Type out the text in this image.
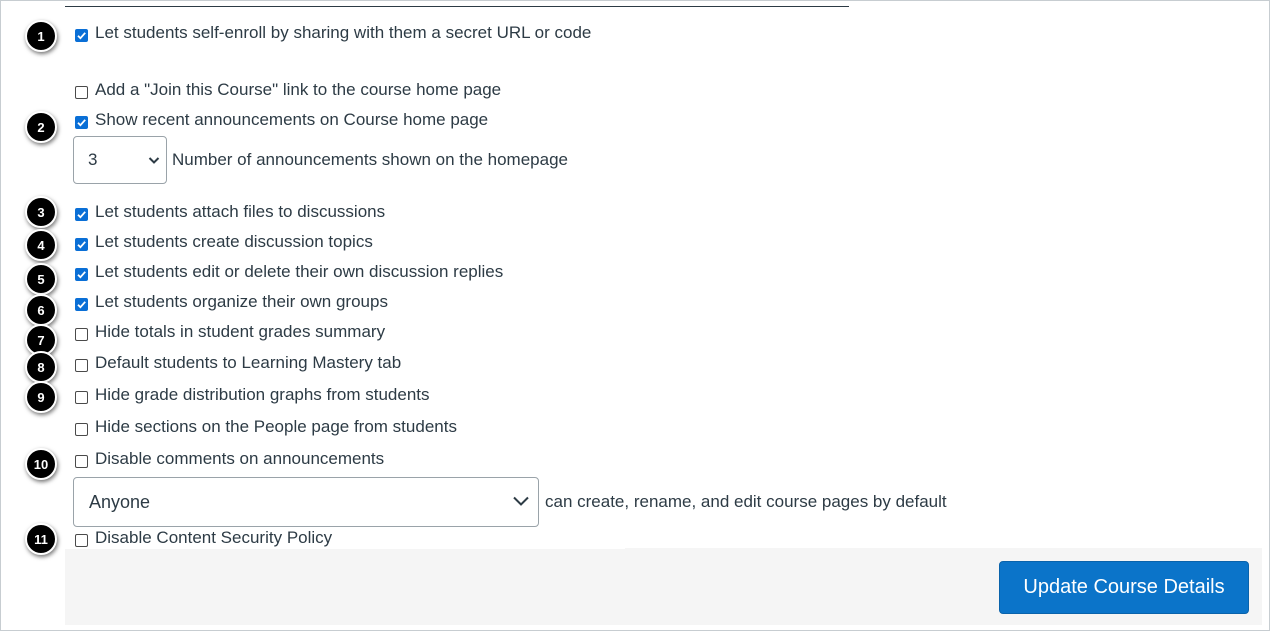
1
2
3
4
5
6
7
8
9
10
11
Let students self-enroll by sharing with them a secret URL or code
Add a "Join this Course" link to the course home page
Show recent announcements on Course home page
3	Number of announcements shown on the homepage
Let students attach files to discussions
Let students create discussion topics
Let students edit or delete their own discussion replies
Let students organize their own groups
Hide totals in student grades summary
Default students to Learning Mastery tab
Hide grade distribution graphs from students
Hide sections on the People page from students
Disable comments on announcements
Anyone	can create, rename, and edit course pages by default
Disable Content Security Policy
Update Course Details
